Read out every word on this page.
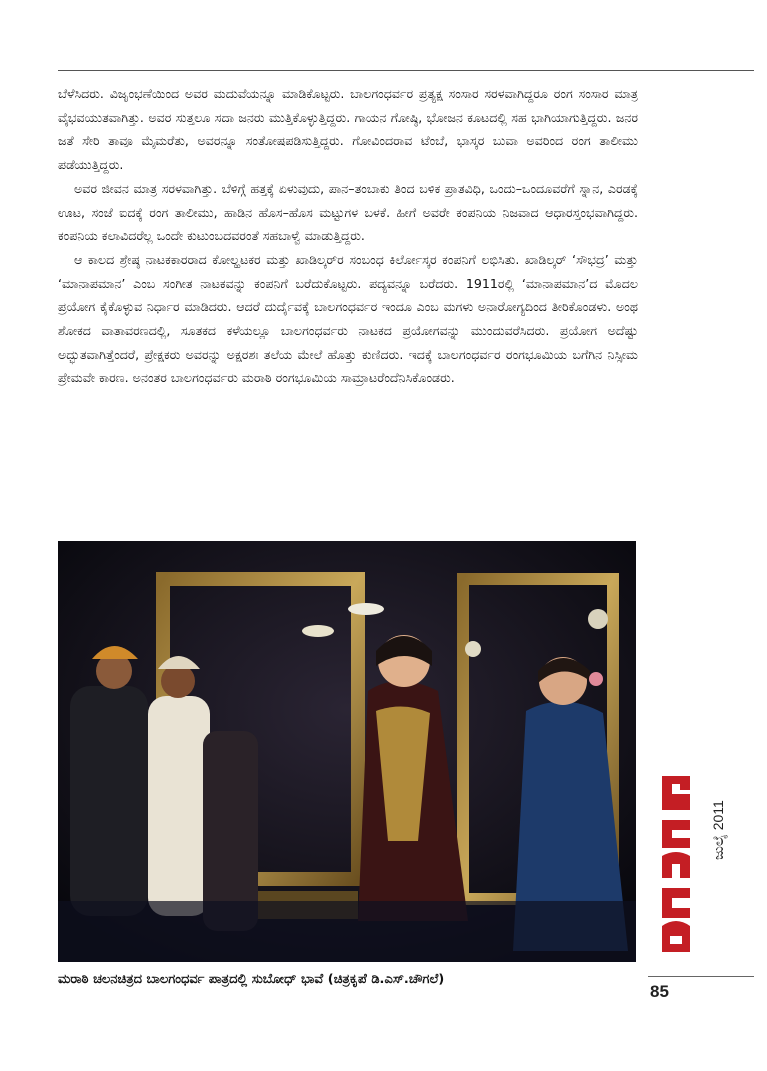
ಬೆಳೆಸಿದರು. ವಿಜೃಂಭಣೆಯಿಂದ ಅವರ ಮದುವೆಯನ್ನೂ ಮಾಡಿಕೊಟ್ಟರು. ಬಾಲಗಂಧರ್ವರ ಪ್ರತ್ಯಕ್ಷ ಸಂಸಾರ ಸರಳವಾಗಿದ್ದರೂ ರಂಗ ಸಂಸಾರ ಮಾತ್ರ ವೈಭವಯುತವಾಗಿತ್ತು. ಅವರ ಸುತ್ತಲೂ ಸದಾ ಜನರು ಮುತ್ತಿಕೊಳ್ಳುತ್ತಿದ್ದರು. ಗಾಯನ ಗೋಷ್ಠಿ, ಭೋಜನ ಕೂಟದಲ್ಲಿ ಸಹ ಭಾಗಿಯಾಗುತ್ತಿದ್ದರು. ಜನರ ಜತೆ ಸೇರಿ ತಾವೂ ಮೈಮರೆತು, ಅವರನ್ನೂ ಸಂತೋಷಪಡಿಸುತ್ತಿದ್ದರು. ಗೋವಿಂದರಾವ ಟೆಂಬೆ, ಭಾಸ್ಕರ ಬುವಾ ಅವರಿಂದ ರಂಗ ತಾಲೀಮು ಪಡೆಯುತ್ತಿದ್ದರು.

ಅವರ ಜೀವನ ಮಾತ್ರ ಸರಳವಾಗಿತ್ತು. ಬೆಳಿಗ್ಗೆ ಹತ್ತಕ್ಕೆ ಏಳುವುದು, ಪಾನ–ತಂಬಾಕು ತಿಂದ ಬಳಿಕ ಪ್ರಾತವಿಧಿ, ಒಂದು–ಒಂದೂವರೆಗೆ ಸ್ನಾನ, ಎರಡಕ್ಕೆ ಊಟ, ಸಂಜೆ ಐದಕ್ಕೆ ರಂಗ ತಾಲೀಮು, ಹಾಡಿನ ಹೊಸ–ಹೊಸ ಮಟ್ಟುಗಳ ಬಳಕೆ. ಹೀಗೆ ಅವರೇ ಕಂಪನಿಯ ನಿಜವಾದ ಆಧಾರಸ್ತಂಭವಾಗಿದ್ದರು. ಕಂಪನಿಯ ಕಲಾವಿದರೆಲ್ಲ ಒಂದೇ ಕುಟುಂಬದವರಂತೆ ಸಹಬಾಳ್ವೆ ಮಾಡುತ್ತಿದ್ದರು.

ಆ ಕಾಲದ ಶ್ರೇಷ್ಠ ನಾಟಕಕಾರರಾದ ಕೋಲ್ಹಟಕರ ಮತ್ತು ಖಾಡಿಲ್ಕರ್‌ರ ಸಂಬಂಧ ಕಿರ್ಲೋಸ್ಕರ ಕಂಪನಿಗೆ ಲಭಿಸಿತು. ಖಾಡಿಲ್ಕರ್ ‘ಸೌಭದ್ರ’ ಮತ್ತು ‘ಮಾನಾಪಮಾನ’ ಎಂಬ ಸಂಗೀತ ನಾಟಕವನ್ನು ಕಂಪನಿಗೆ ಬರೆದುಕೊಟ್ಟರು. ಪದ್ಯವನ್ನೂ ಬರೆದರು. 1911ರಲ್ಲಿ ‘ಮಾನಾಪಮಾನ’ದ ಮೊದಲ ಪ್ರಯೋಗ ಕೈಕೊಳ್ಳುವ ನಿರ್ಧಾರ ಮಾಡಿದರು. ಆದರೆ ದುರ್ದೈವಕ್ಕೆ ಬಾಲಗಂಧರ್ವರ ಇಂದೂ ಎಂಬ ಮಗಳು ಅನಾರೋಗ್ಯದಿಂದ ತೀರಿಕೊಂಡಳು. ಅಂಥ ಶೋಕದ ವಾತಾವರಣದಲ್ಲಿ, ಸೂತಕದ ಕಳೆಯಲ್ಲೂ ಬಾಲಗಂಧರ್ವರು ನಾಟಕದ ಪ್ರಯೋಗವನ್ನು ಮುಂದುವರೆಸಿದರು. ಪ್ರಯೋಗ ಅದೆಷ್ಟು ಅದ್ಭುತವಾಗಿತ್ತೆಂದರೆ, ಪ್ರೇಕ್ಷಕರು ಅವರನ್ನು ಅಕ್ಷರಶಃ ತಲೆಯ ಮೇಲೆ ಹೊತ್ತು ಕುಣಿದರು. ಇದಕ್ಕೆ ಬಾಲಗಂಧರ್ವರ ರಂಗಭೂಮಿಯ ಬಗೆಗಿನ ನಿಸ್ಸೀಮ ಪ್ರೇಮವೇ ಕಾರಣ. ಅನಂತರ ಬಾಲಗಂಧರ್ವರು ಮರಾಠಿ ರಂಗಭೂಮಿಯ ಸಾಮ್ರಾಟರೆಂದೆನಿಸಿಕೊಂಡರು.

ಮರಾಠಿ ಚಲನಚಿತ್ರದ ಬಾಲಗಂಧರ್ವ ಪಾತ್ರದಲ್ಲಿ ಸುಬೋಧ್ ಭಾವೆ (ಚಿತ್ರಕೃಪೆ ಡಿ.ಎಸ್.ಚೌಗಲೆ)
ಜುಲೈ 2011
85
